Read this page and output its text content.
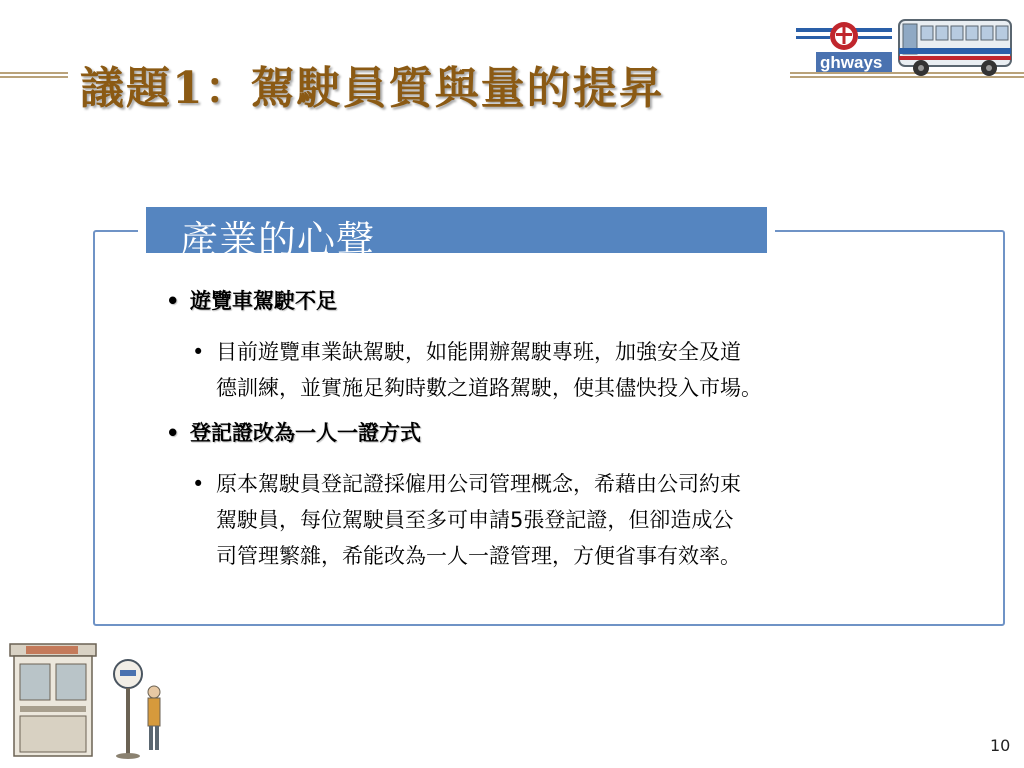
議題1：駕駛員質與量的提昇
ghways
產業的心聲
• 遊覽車駕駛不足
• 目前遊覽車業缺駕駛，如能開辦駕駛專班，加強安全及道
德訓練，並實施足夠時數之道路駕駛，使其儘快投入市場。
• 登記證改為一人一證方式
• 原本駕駛員登記證採僱用公司管理概念，希藉由公司約束
駕駛員，每位駕駛員至多可申請5張登記證，但卻造成公
司管理繁雜，希能改為一人一證管理，方便省事有效率。
10
